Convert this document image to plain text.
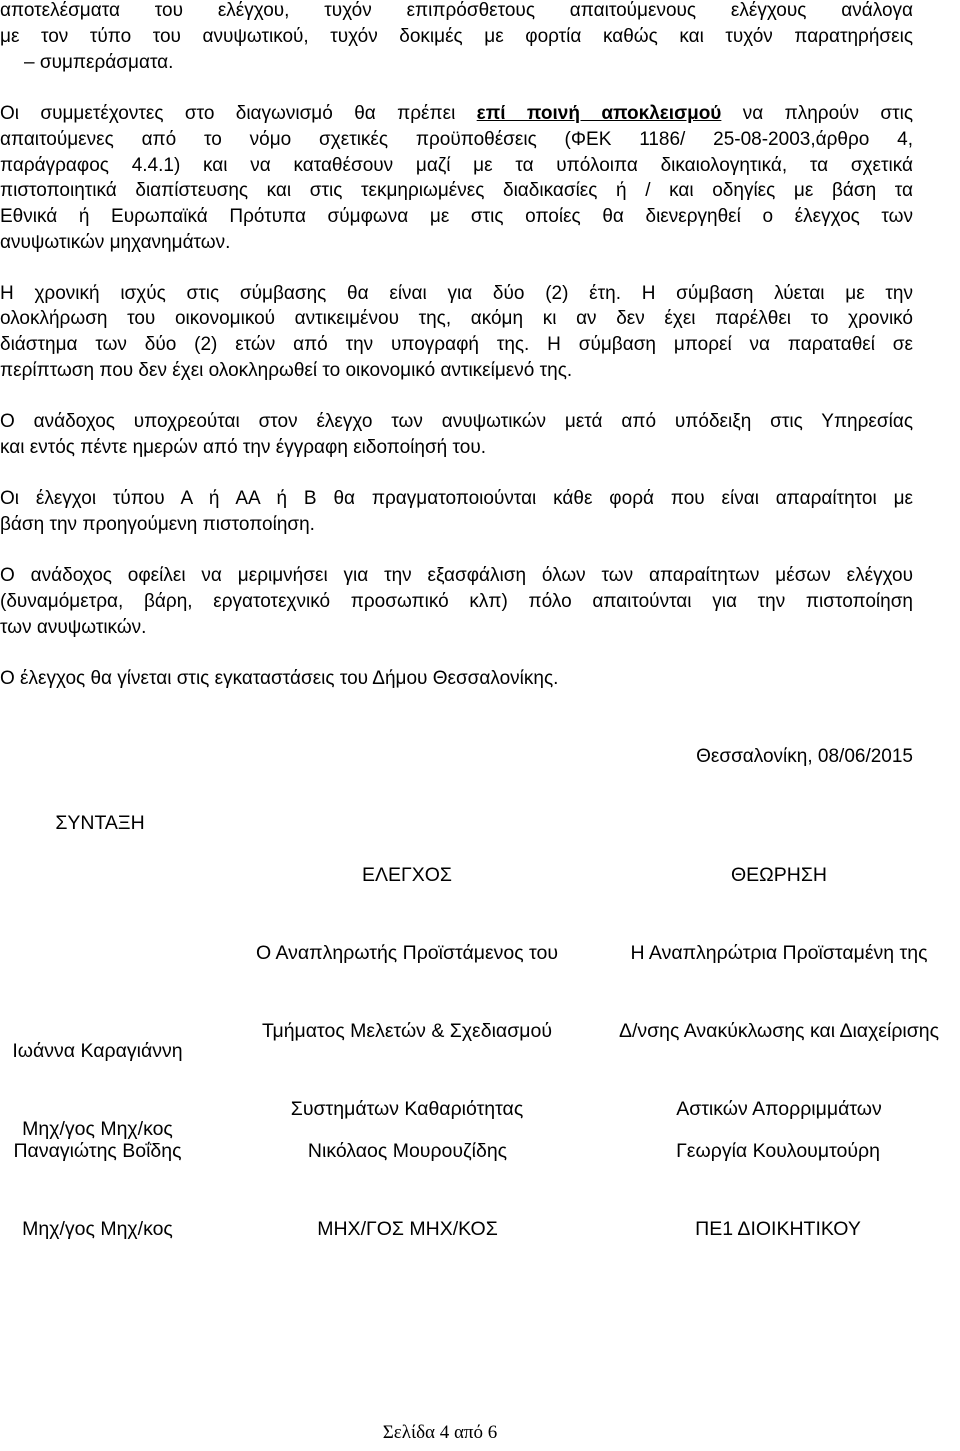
αποτελέσματα του ελέγχου, τυχόν επιπρόσθετους απαιτούμενους ελέγχους ανάλογα
με τον τύπο του ανυψωτικού, τυχόν δοκιμές με φορτία καθώς και τυχόν παρατηρήσεις
– συμπεράσματα.
Οι συμμετέχοντες στο διαγωνισμό θα πρέπει επί ποινή αποκλεισμού να πληρούν στις
απαιτούμενες από το νόμο σχετικές προϋποθέσεις (ΦΕΚ 1186/ 25-08-2003,άρθρο 4,
παράγραφος 4.4.1) και να καταθέσουν μαζί με τα υπόλοιπα δικαιολογητικά, τα σχετικά
πιστοποιητικά διαπίστευσης και στις τεκμηριωμένες διαδικασίες ή / και οδηγίες με βάση τα
Εθνικά ή Ευρωπαϊκά Πρότυπα σύμφωνα με στις οποίες θα διενεργηθεί ο έλεγχος των
ανυψωτικών μηχανημάτων.
Η χρονική ισχύς στις σύμβασης θα είναι για δύο (2) έτη. Η σύμβαση λύεται με την
ολοκλήρωση του οικονομικού αντικειμένου της, ακόμη κι αν δεν έχει παρέλθει το χρονικό
διάστημα των δύο (2) ετών από την υπογραφή της. Η σύμβαση μπορεί να παραταθεί σε
περίπτωση που δεν έχει ολοκληρωθεί το οικονομικό αντικείμενό της.
Ο ανάδοχος υποχρεούται στον έλεγχο των ανυψωτικών μετά από υπόδειξη στις Υπηρεσίας
και εντός πέντε ημερών από την έγγραφη ειδοποίησή του.
Οι έλεγχοι τύπου Α ή ΑΑ ή Β θα πραγματοποιούνται κάθε φορά που είναι απαραίτητοι με
βάση την προηγούμενη πιστοποίηση.
Ο ανάδοχος οφείλει να μεριμνήσει για την εξασφάλιση όλων των απαραίτητων μέσων ελέγχου
(δυναμόμετρα, βάρη, εργατοτεχνικό προσωπικό κλπ) πόλο απαιτούνται για την πιστοποίηση
των ανυψωτικών.
Ο έλεγχος θα γίνεται στις εγκαταστάσεις του Δήμου Θεσσαλονίκης.
Θεσσαλονίκη, 08/06/2015
ΣΥΝΤΑΞΗ

ΕΛΕΓΧΟΣ

Ο Αναπληρωτής Προϊστάμενος του

Τμήματος Μελετών & Σχεδιασμού

Συστημάτων Καθαριότητας

ΘΕΩΡΗΣΗ

Η Αναπληρώτρια Προϊσταμένη της

Δ/νσης Ανακύκλωσης και Διαχείρισης

Αστικών Απορριμμάτων

Ιωάννα Καραγιάννη

Μηχ/γος Μηχ/κος

Παναγιώτης Βοΐδης

Μηχ/γος Μηχ/κος

Νικόλαος Μουρουζίδης

ΜΗΧ/ΓΟΣ ΜΗΧ/ΚΟΣ

Γεωργία Κουλουμτούρη

ΠΕ1 ΔΙΟΙΚΗΤΙΚΟΥ

Σελίδα 4 από 6
